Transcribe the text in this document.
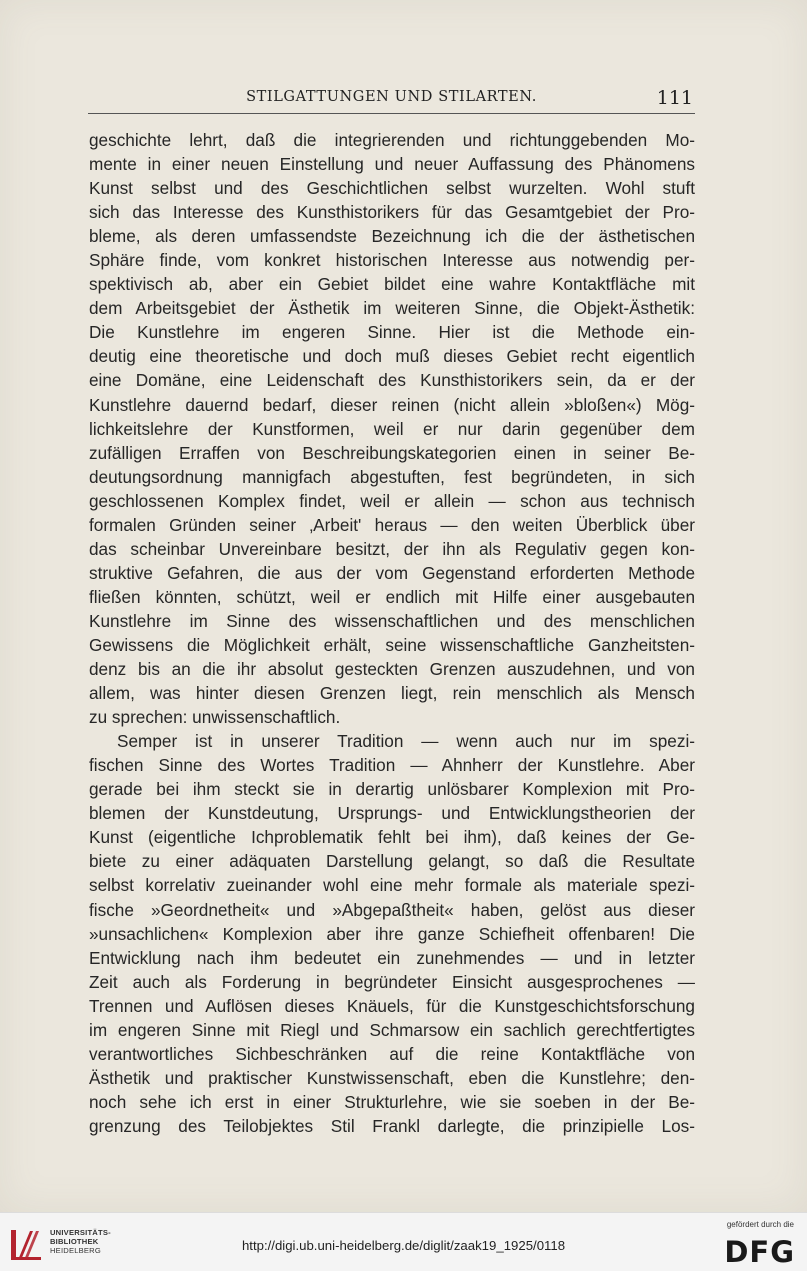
STILGATTUNGEN UND STILARTEN.	111
geschichte lehrt, daß die integrierenden und richtunggebenden Mo-
mente in einer neuen Einstellung und neuer Auffassung des Phänomens
Kunst selbst und des Geschichtlichen selbst wurzelten. Wohl stuft
sich das Interesse des Kunsthistorikers für das Gesamtgebiet der Pro-
bleme, als deren umfassendste Bezeichnung ich die der ästhetischen
Sphäre finde, vom konkret historischen Interesse aus notwendig per-
spektivisch ab, aber ein Gebiet bildet eine wahre Kontaktfläche mit
dem Arbeitsgebiet der Ästhetik im weiteren Sinne, die Objekt-Ästhetik:
Die Kunstlehre im engeren Sinne. Hier ist die Methode ein-
deutig eine theoretische und doch muß dieses Gebiet recht eigentlich
eine Domäne, eine Leidenschaft des Kunsthistorikers sein, da er der
Kunstlehre dauernd bedarf, dieser reinen (nicht allein »bloßen«) Mög-
lichkeitslehre der Kunstformen, weil er nur darin gegenüber dem
zufälligen Erraffen von Beschreibungskategorien einen in seiner Be-
deutungsordnung mannigfach abgestuften, fest begründeten, in sich
geschlossenen Komplex findet, weil er allein — schon aus technisch
formalen Gründen seiner ‚Arbeit' heraus — den weiten Überblick über
das scheinbar Unvereinbare besitzt, der ihn als Regulativ gegen kon-
struktive Gefahren, die aus der vom Gegenstand erforderten Methode
fließen könnten, schützt, weil er endlich mit Hilfe einer ausgebauten
Kunstlehre im Sinne des wissenschaftlichen und des menschlichen
Gewissens die Möglichkeit erhält, seine wissenschaftliche Ganzheitsten-
denz bis an die ihr absolut gesteckten Grenzen auszudehnen, und von
allem, was hinter diesen Grenzen liegt, rein menschlich als Mensch
zu sprechen: unwissenschaftlich.
Semper ist in unserer Tradition — wenn auch nur im spezi-
fischen Sinne des Wortes Tradition — Ahnherr der Kunstlehre. Aber
gerade bei ihm steckt sie in derartig unlösbarer Komplexion mit Pro-
blemen der Kunstdeutung, Ursprungs- und Entwicklungstheorien der
Kunst (eigentliche Ichproblematik fehlt bei ihm), daß keines der Ge-
biete zu einer adäquaten Darstellung gelangt, so daß die Resultate
selbst korrelativ zueinander wohl eine mehr formale als materiale spezi-
fische »Geordnetheit« und »Abgepaßtheit« haben, gelöst aus dieser
»unsachlichen« Komplexion aber ihre ganze Schiefheit offenbaren! Die
Entwicklung nach ihm bedeutet ein zunehmendes — und in letzter
Zeit auch als Forderung in begründeter Einsicht ausgesprochenes —
Trennen und Auflösen dieses Knäuels, für die Kunstgeschichtsforschung
im engeren Sinne mit Riegl und Schmarsow ein sachlich gerechtfertigtes
verantwortliches Sichbeschränken auf die reine Kontaktfläche von
Ästhetik und praktischer Kunstwissenschaft, eben die Kunstlehre; den-
noch sehe ich erst in einer Strukturlehre, wie sie soeben in der Be-
grenzung des Teilobjektes Stil Frankl darlegte, die prinzipielle Los-
UNIVERSITÄTS-
BIBLIOTHEK
HEIDELBERG	http://digi.ub.uni-heidelberg.de/diglit/zaak19_1925/0118
gefördert durch die
DFG
